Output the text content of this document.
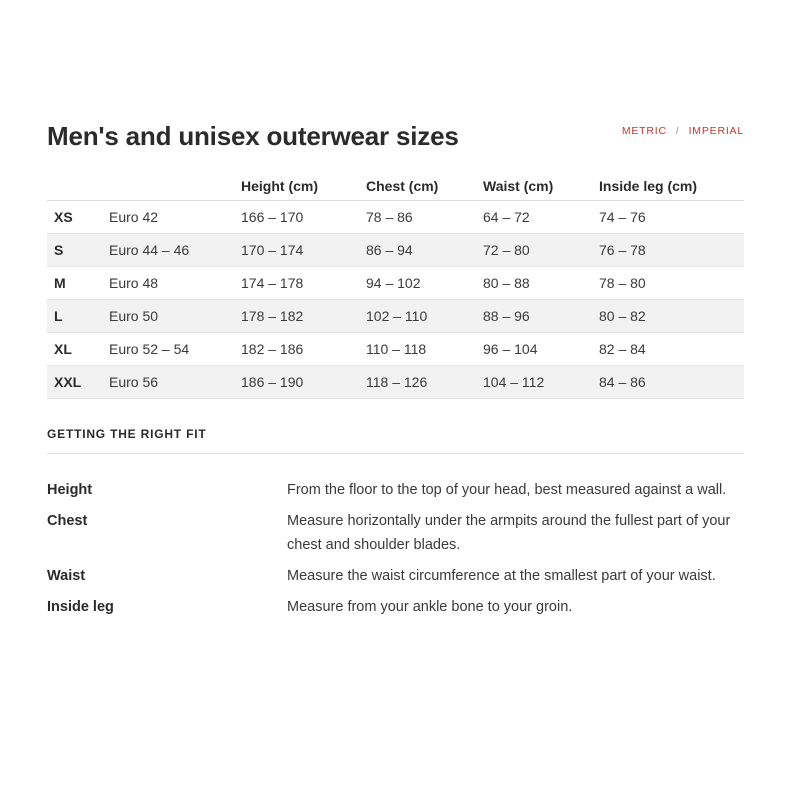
Men's and unisex outerwear sizes	METRIC / IMPERIAL
		Height (cm)	Chest (cm)	Waist (cm)	Inside leg (cm)
XS	Euro 42	166 – 170	78 – 86	64 – 72	74 – 76
S	Euro 44 – 46	170 – 174	86 – 94	72 – 80	76 – 78
M	Euro 48	174 – 178	94 – 102	80 – 88	78 – 80
L	Euro 50	178 – 182	102 – 110	88 – 96	80 – 82
XL	Euro 52 – 54	182 – 186	110 – 118	96 – 104	82 – 84
XXL	Euro 56	186 – 190	118 – 126	104 – 112	84 – 86
GETTING THE RIGHT FIT
Height	From the floor to the top of your head, best measured against a wall.
Chest	Measure horizontally under the armpits around the fullest part of your chest and shoulder blades.
Waist	Measure the waist circumference at the smallest part of your waist.
Inside leg	Measure from your ankle bone to your groin.
